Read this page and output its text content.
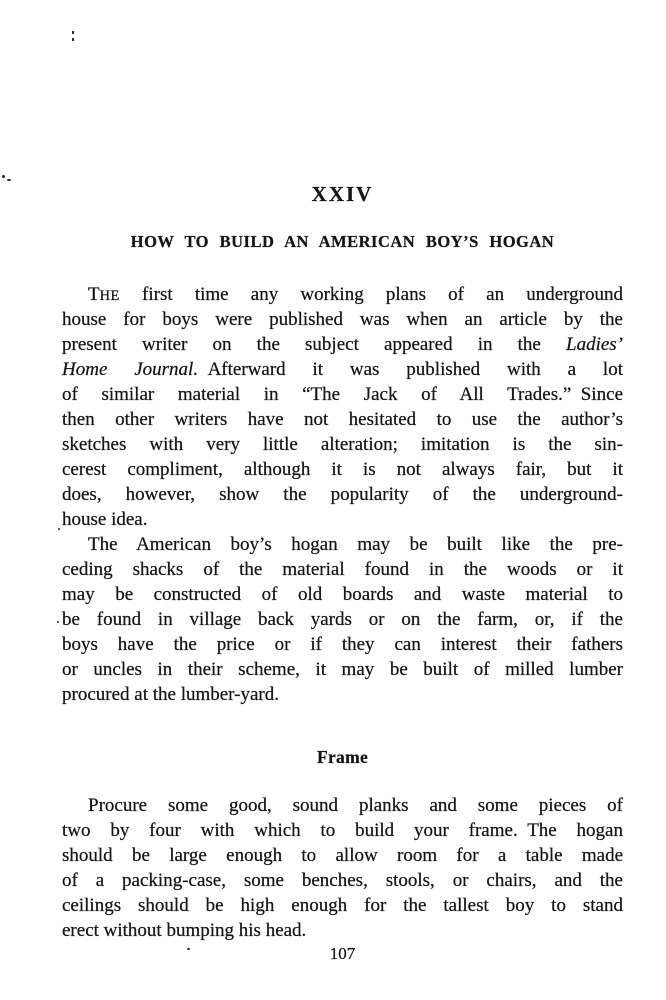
XXIV
HOW TO BUILD AN AMERICAN BOY’S HOGAN
THE first time any working plans of an underground
house for boys were published was when an article by the
present writer on the subject appeared in the Ladies’
Home Journal. Afterward it was published with a lot
of similar material in “The Jack of All Trades.” Since
then other writers have not hesitated to use the author’s
sketches with very little alteration; imitation is the sin-
cerest compliment, although it is not always fair, but it
does, however, show the popularity of the underground-
house idea.
The American boy’s hogan may be built like the pre-
ceding shacks of the material found in the woods or it
may be constructed of old boards and waste material to
be found in village back yards or on the farm, or, if the
boys have the price or if they can interest their fathers
or uncles in their scheme, it may be built of milled lumber
procured at the lumber-yard.
Frame
Procure some good, sound planks and some pieces of
two by four with which to build your frame. The hogan
should be large enough to allow room for a table made
of a packing-case, some benches, stools, or chairs, and the
ceilings should be high enough for the tallest boy to stand
erect without bumping his head.
107
